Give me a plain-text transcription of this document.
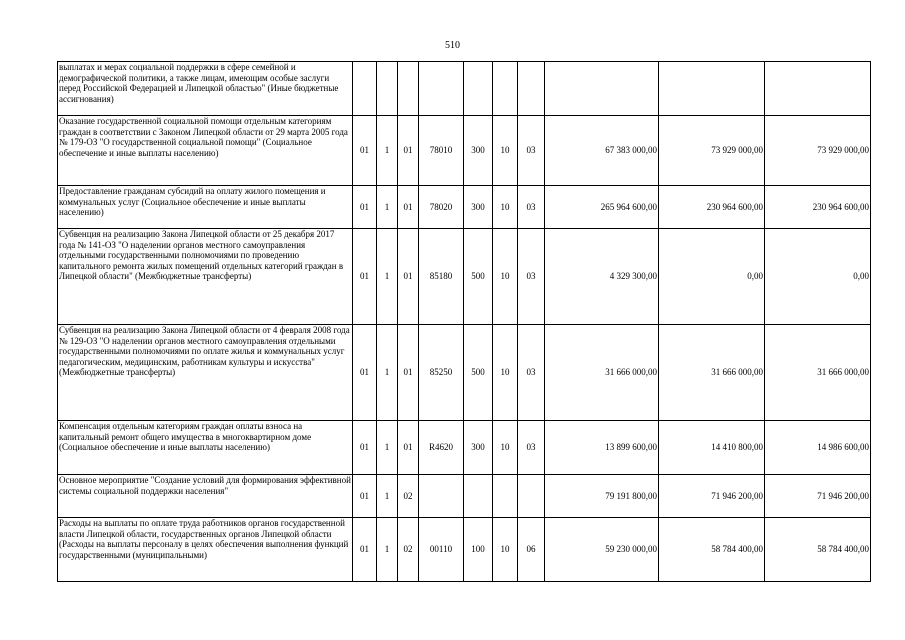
510
выплатах и мерах социальной поддержки в сфере семейной и демографической политики, а также лицам, имеющим особые заслуги перед Российской Федерацией и Липецкой областью" (Иные бюджетные ассигнования)										
Оказание государственной социальной помощи отдельным категориям граждан в соответствии с Законом Липецкой области от 29 марта 2005 года № 179-ОЗ "О государственной социальной помощи" (Социальное обеспечение и иные выплаты населению)	01	1	01	78010	300	10	03	67 383 000,00	73 929 000,00	73 929 000,00
Предоставление гражданам субсидий на оплату жилого помещения и коммунальных услуг (Социальное обеспечение и иные выплаты населению)	01	1	01	78020	300	10	03	265 964 600,00	230 964 600,00	230 964 600,00
Субвенция на реализацию Закона Липецкой области от 25 декабря 2017 года № 141-ОЗ "О наделении органов местного самоуправления отдельными государственными полномочиями по проведению капитального ремонта жилых помещений отдельных категорий граждан в Липецкой области" (Межбюджетные трансферты)	01	1	01	85180	500	10	03	4 329 300,00	0,00	0,00
Субвенция на реализацию Закона Липецкой области от 4 февраля 2008 года № 129-ОЗ "О наделении органов местного самоуправления отдельными государственными полномочиями по оплате жилья и коммунальных услуг педагогическим, медицинским, работникам культуры и искусства" (Межбюджетные трансферты)	01	1	01	85250	500	10	03	31 666 000,00	31 666 000,00	31 666 000,00
Компенсация отдельным категориям граждан оплаты взноса на капитальный ремонт общего имущества в многоквартирном доме (Социальное обеспечение и иные выплаты населению)	01	1	01	R4620	300	10	03	13 899 600,00	14 410 800,00	14 986 600,00
Основное мероприятие "Создание условий для формирования эффективной системы социальной поддержки населения"	01	1	02					79 191 800,00	71 946 200,00	71 946 200,00
Расходы на выплаты по оплате труда работников органов государственной власти Липецкой области, государственных органов Липецкой области (Расходы на выплаты персоналу в целях обеспечения выполнения функций государственными (муниципальными)	01	1	02	00110	100	10	06	59 230 000,00	58 784 400,00	58 784 400,00
